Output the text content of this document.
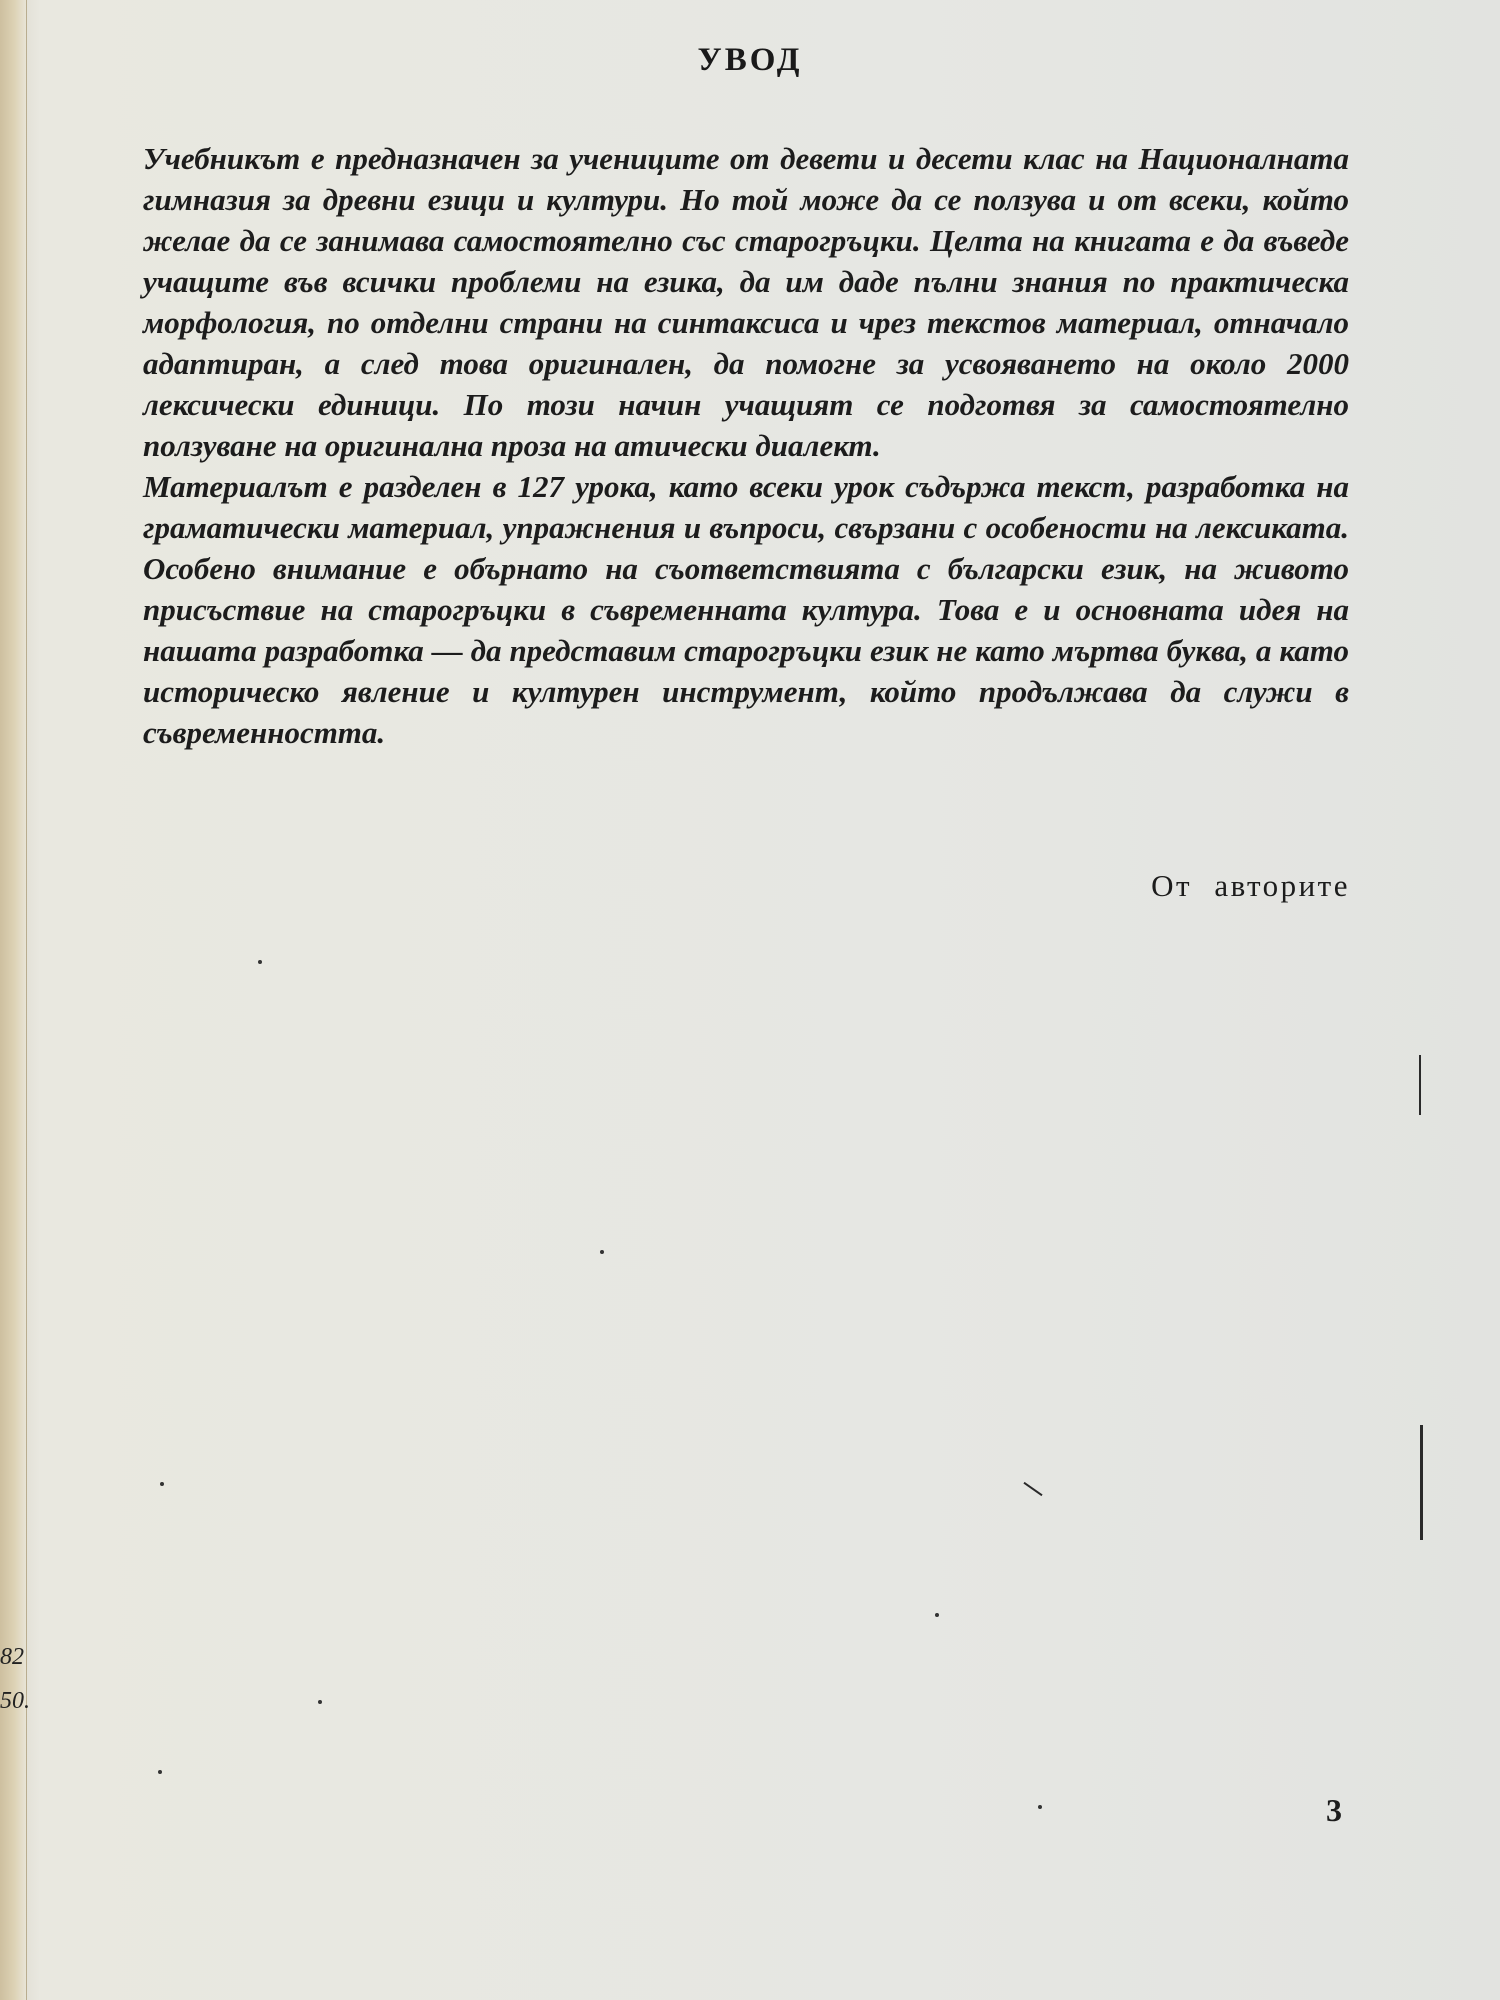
82
50.
УВОД

Учебникът е предназначен за учениците от девети и десети клас на Националната гимназия за древни езици и култури. Но той може да се ползува и от всеки, който желае да се занимава самостоятелно със старогръцки. Целта на книгата е да въведе учащите във всички проблеми на езика, да им даде пълни знания по практическа морфология, по отделни страни на синтаксиса и чрез текстов материал, отначало адаптиран, а след това оригинален, да помогне за усвояването на около 2000 лексически единици. По този начин учащият се подготвя за самостоятелно ползуване на оригинална проза на атически диалект.

Материалът е разделен в 127 урока, като всеки урок съдържа текст, разработка на граматически материал, упражнения и въпроси, свързани с особености на лексиката. Особено внимание е обърнато на съответствията с български език, на живото присъствие на старогръцки в съвременната култура. Това е и основната идея на нашата разработка — да представим старогръцки език не като мъртва буква, а като историческо явление и културен инструмент, който продължава да служи в съвременността.

От авторите
3
